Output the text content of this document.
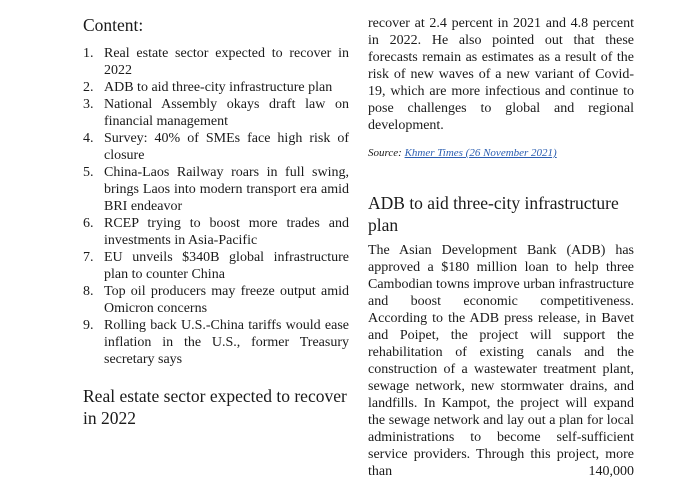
Content:
1. Real estate sector expected to recover in 2022
2. ADB to aid three-city infrastructure plan
3. National Assembly okays draft law on financial management
4. Survey: 40% of SMEs face high risk of closure
5. China-Laos Railway roars in full swing, brings Laos into modern transport era amid BRI endeavor
6. RCEP trying to boost more trades and investments in Asia-Pacific
7. EU unveils $340B global infrastructure plan to counter China
8. Top oil producers may freeze output amid Omicron concerns
9. Rolling back U.S.-China tariffs would ease inflation in the U.S., former Treasury secretary says
Real estate sector expected to recover in 2022

recover at 2.4 percent in 2021 and 4.8 percent in 2022. He also pointed out that these forecasts remain as estimates as a result of the risk of new waves of a new variant of Covid-19, which are more infectious and continue to pose challenges to global and regional development.

Source: Khmer Times (26 November 2021)
ADB to aid three-city infrastructure plan

The Asian Development Bank (ADB) has approved a $180 million loan to help three Cambodian towns improve urban infrastructure and boost economic competitiveness. According to the ADB press release, in Bavet and Poipet, the project will support the rehabilitation of existing canals and the construction of a wastewater treatment plant, sewage network, new stormwater drains, and landfills. In Kampot, the project will expand the sewage network and lay out a plan for local administrations to become self-sufficient service providers. Through this project, more than 140,000
